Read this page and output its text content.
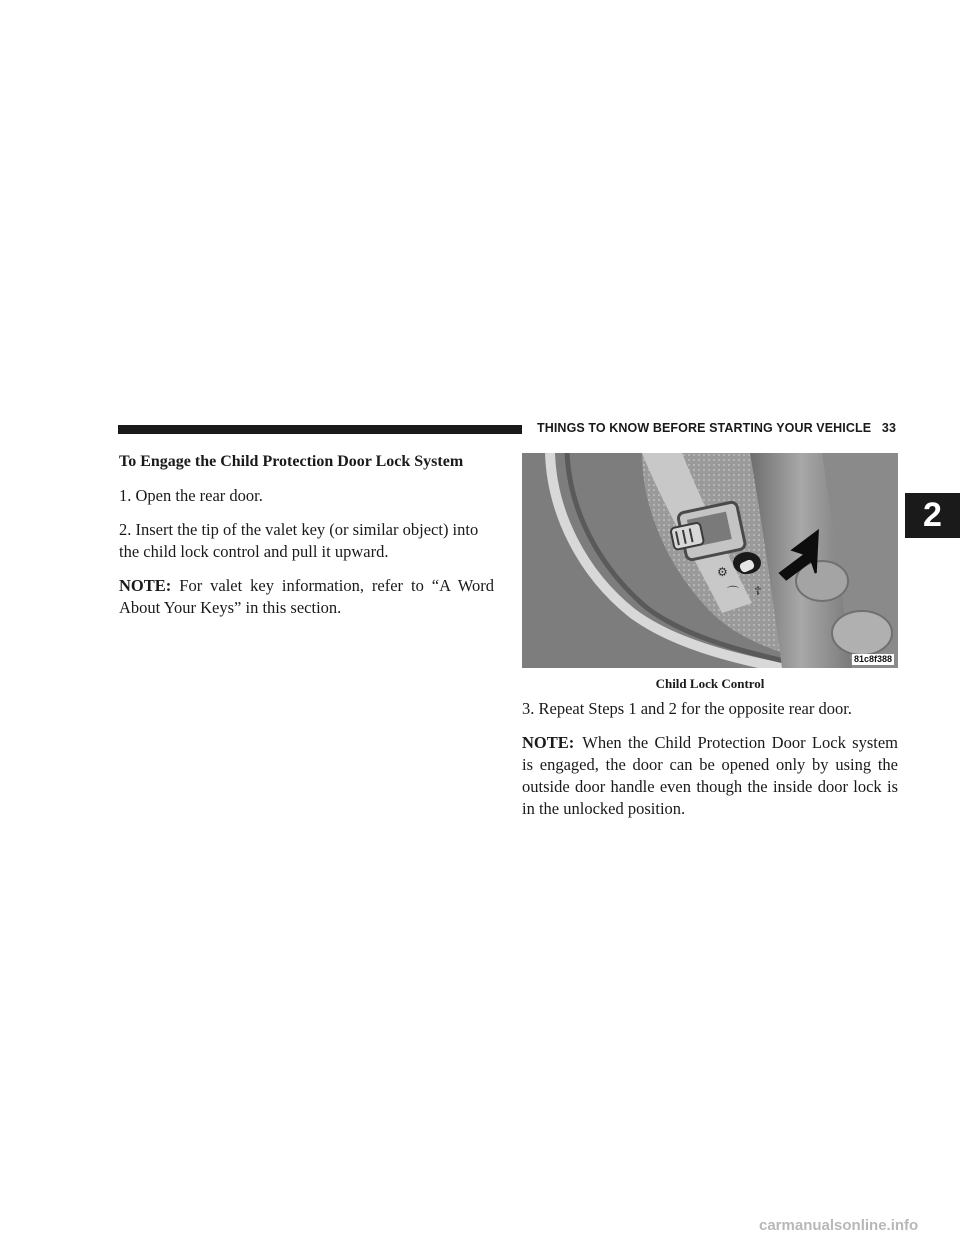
THINGS TO KNOW BEFORE STARTING YOUR VEHICLE 33
2
To Engage the Child Protection Door Lock System

1. Open the rear door.

2. Insert the tip of the valet key (or similar object) into the child lock control and pull it upward.

NOTE: For valet key information, refer to “A Word About Your Keys” in this section.

⚙
⌒ ☦
81c8f388
Child Lock Control

3. Repeat Steps 1 and 2 for the opposite rear door.

NOTE: When the Child Protection Door Lock system is engaged, the door can be opened only by using the outside door handle even though the inside door lock is in the unlocked position.

carmanualsonline.info
